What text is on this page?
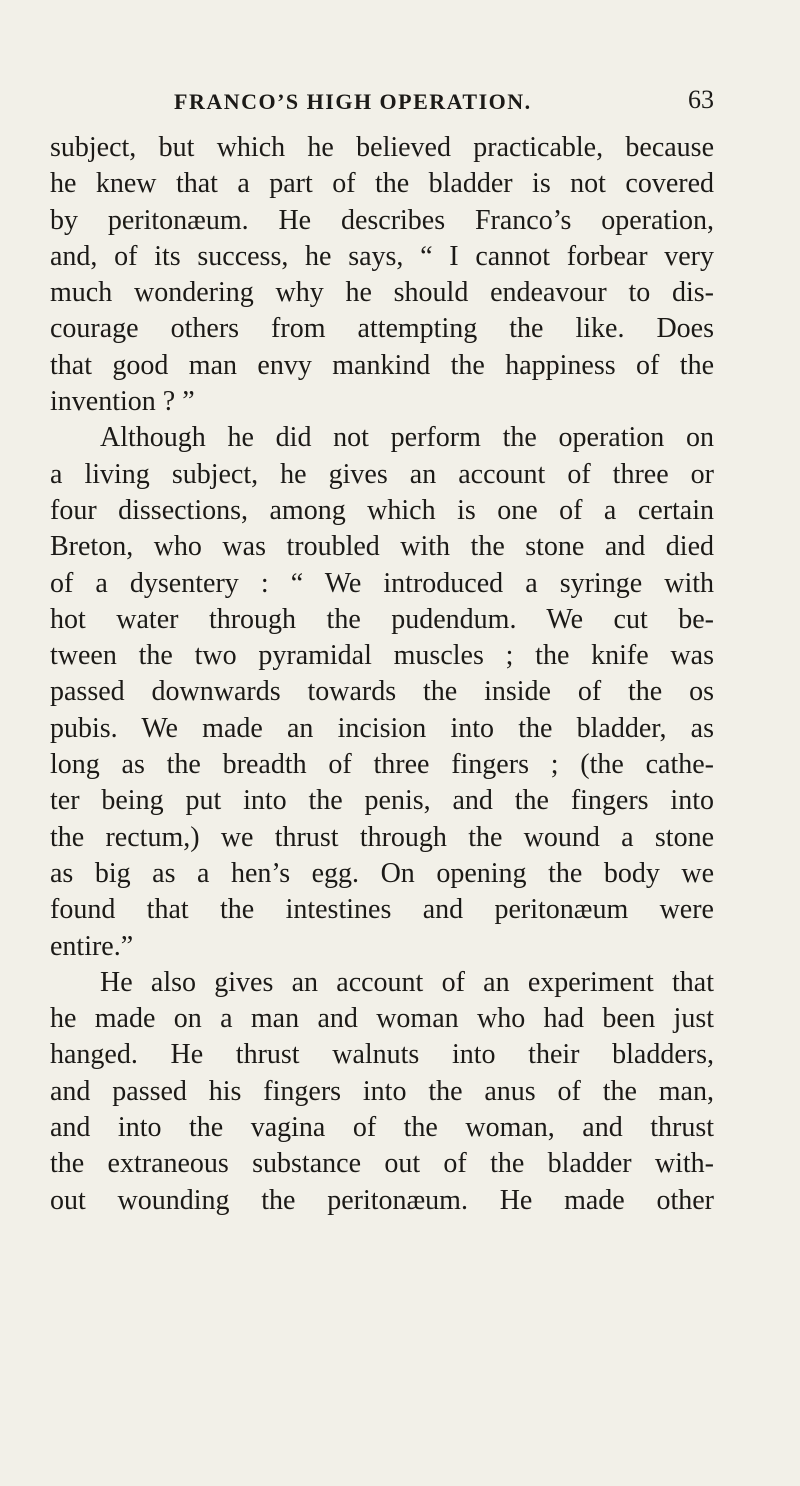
FRANCO’S HIGH OPERATION.	63
subject, but which he believed practicable, because
he knew that a part of the bladder is not covered
by peritonæum. He describes Franco’s operation,
and, of its success, he says, “ I cannot forbear very
much wondering why he should endeavour to dis-
courage others from attempting the like. Does
that good man envy mankind the happiness of the
invention ? ”
Although he did not perform the operation on
a living subject, he gives an account of three or
four dissections, among which is one of a certain
Breton, who was troubled with the stone and died
of a dysentery : “ We introduced a syringe with
hot water through the pudendum. We cut be-
tween the two pyramidal muscles ; the knife was
passed downwards towards the inside of the os
pubis. We made an incision into the bladder, as
long as the breadth of three fingers ; (the cathe-
ter being put into the penis, and the fingers into
the rectum,) we thrust through the wound a stone
as big as a hen’s egg. On opening the body we
found that the intestines and peritonæum were
entire.”
He also gives an account of an experiment that
he made on a man and woman who had been just
hanged. He thrust walnuts into their bladders,
and passed his fingers into the anus of the man,
and into the vagina of the woman, and thrust
the extraneous substance out of the bladder with-
out wounding the peritonæum. He made other
